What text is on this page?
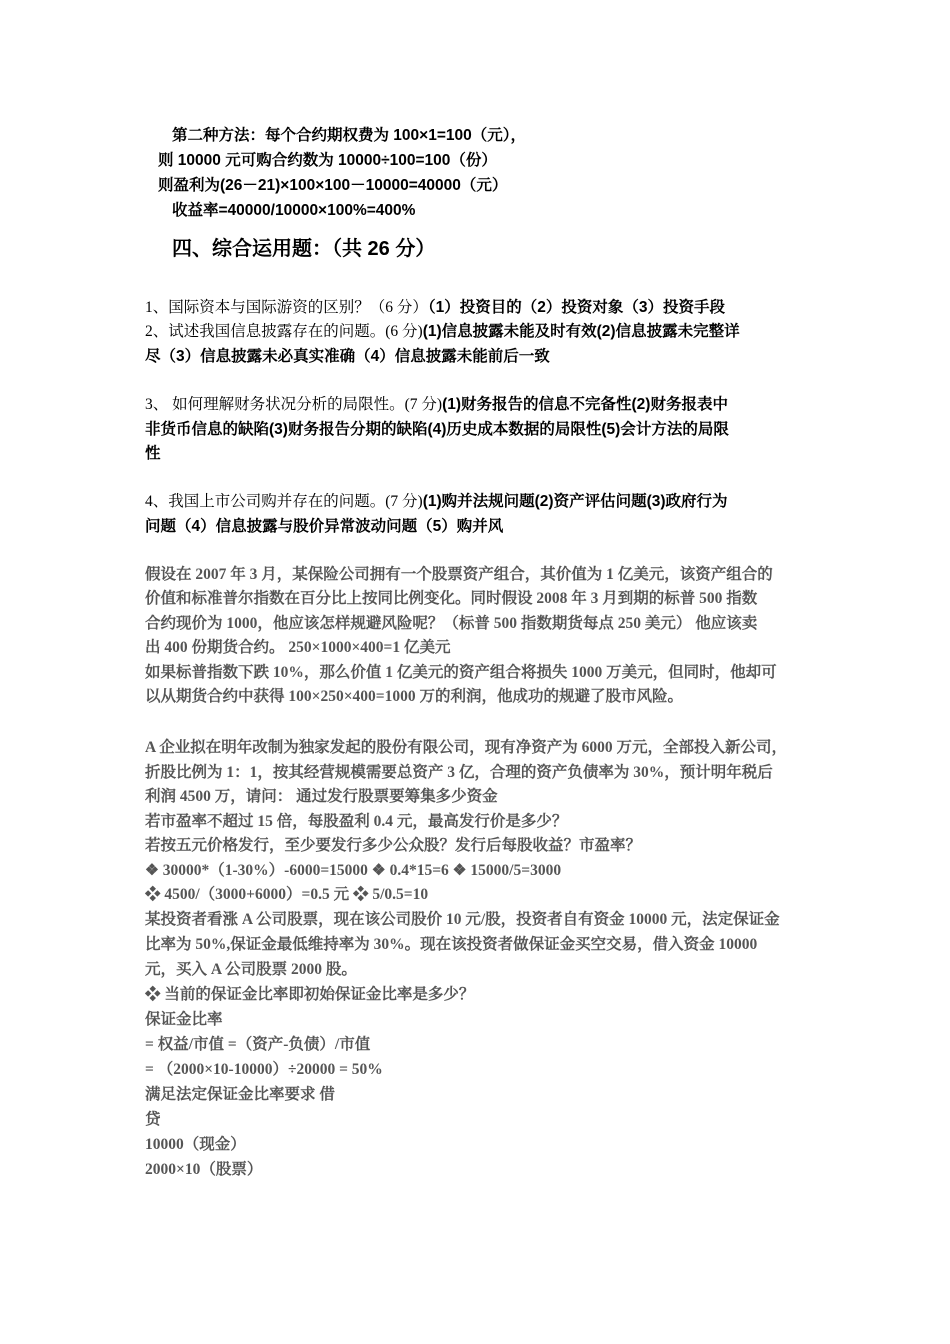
第二种方法：每个合约期权费为 100×1=100（元），
则 10000 元可购合约数为 10000÷100=100（份）
则盈利为(26－21)×100×100－10000=40000（元）
收益率=40000/10000×100%=400%
四、综合运用题：（共 26 分）
1、国际资本与国际游资的区别？（6 分）（1）投资目的（2）投资对象（3）投资手段
2、试述我国信息披露存在的问题。(6 分)(1)信息披露未能及时有效(2)信息披露未完整详
尽（3）信息披露未必真实准确（4）信息披露未能前后一致
3、 如何理解财务状况分析的局限性。(7 分)(1)财务报告的信息不完备性(2)财务报表中
非货币信息的缺陷(3)财务报告分期的缺陷(4)历史成本数据的局限性(5)会计方法的局限
性
4、我国上市公司购并存在的问题。(7 分)(1)购并法规问题(2)资产评估问题(3)政府行为
问题（4）信息披露与股价异常波动问题（5）购并风
假设在 2007 年 3 月，某保险公司拥有一个股票资产组合，其价值为 1 亿美元，该资产组合的
价值和标准普尔指数在百分比上按同比例变化。同时假设 2008 年 3 月到期的标普 500 指数
合约现价为 1000，他应该怎样规避风险呢？（标普 500 指数期货每点 250 美元） 他应该卖
出 400 份期货合约。 250×1000×400=1 亿美元
如果标普指数下跌 10%，那么价值 1 亿美元的资产组合将损失 1000 万美元，但同时，他却可
以从期货合约中获得 100×250×400=1000 万的利润，他成功的规避了股市风险。
A 企业拟在明年改制为独家发起的股份有限公司，现有净资产为 6000 万元，全部投入新公司，
折股比例为 1：1，按其经营规模需要总资产 3 亿，合理的资产负债率为 30%，预计明年税后
利润 4500 万，请问： 通过发行股票要筹集多少资金
若市盈率不超过 15 倍，每股盈利 0.4 元，最高发行价是多少？
若按五元价格发行，至少要发行多少公众股？发行后每股收益？市盈率？
❖ 30000*（1-30%）-6000=15000 ❖ 0.4*15=6 ❖ 15000/5=3000
❖ 4500/（3000+6000）=0.5 元 ❖ 5/0.5=10
某投资者看涨 A 公司股票，现在该公司股价 10 元/股，投资者自有资金 10000 元，法定保证金
比率为 50%,保证金最低维持率为 30%。现在该投资者做保证金买空交易，借入资金 10000
元，买入 A 公司股票 2000 股。
❖ 当前的保证金比率即初始保证金比率是多少？
保证金比率
= 权益/市值 =（资产-负债）/市值
= （2000×10-10000）÷20000 = 50%
满足法定保证金比率要求 借
贷
10000（现金）
2000×10（股票）
